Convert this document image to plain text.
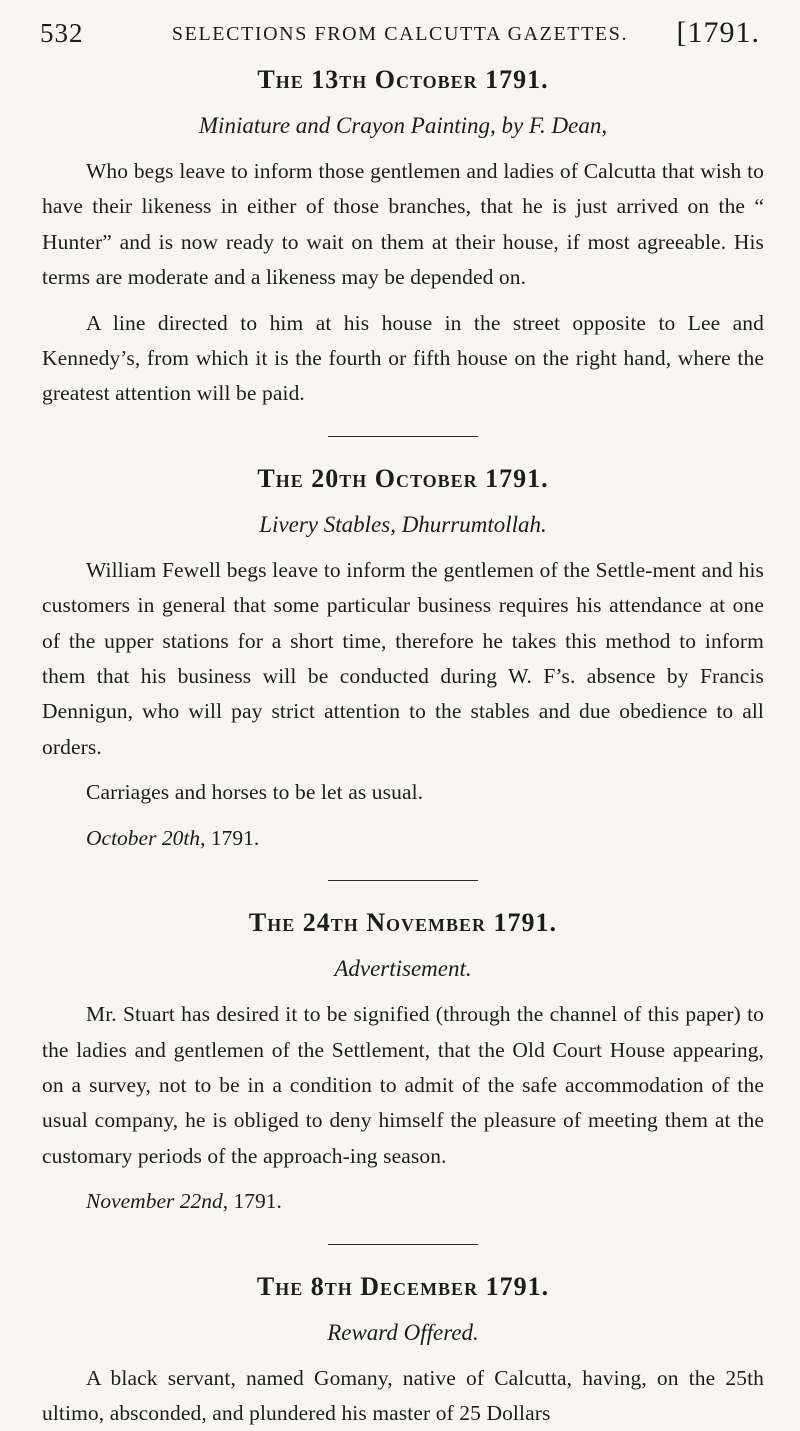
532	SELECTIONS FROM CALCUTTA GAZETTES.	[1791.
The 13th October 1791.

Miniature and Crayon Painting, by F. Dean,

Who begs leave to inform those gentlemen and ladies of Calcutta that wish to have their likeness in either of those branches, that he is just arrived on the “ Hunter” and is now ready to wait on them at their house, if most agreeable. His terms are moderate and a likeness may be depended on.

A line directed to him at his house in the street opposite to Lee and Kennedy’s, from which it is the fourth or fifth house on the right hand, where the greatest attention will be paid.

The 20th October 1791.

Livery Stables, Dhurrumtollah.

William Fewell begs leave to inform the gentlemen of the Settle-ment and his customers in general that some particular business requires his attendance at one of the upper stations for a short time, therefore he takes this method to inform them that his business will be conducted during W. F’s. absence by Francis Dennigun, who will pay strict attention to the stables and due obedience to all orders.

Carriages and horses to be let as usual.

October 20th, 1791.

The 24th November 1791.

Advertisement.

Mr. Stuart has desired it to be signified (through the channel of this paper) to the ladies and gentlemen of the Settlement, that the Old Court House appearing, on a survey, not to be in a condition to admit of the safe accommodation of the usual company, he is obliged to deny himself the pleasure of meeting them at the customary periods of the approach-ing season.

November 22nd, 1791.

The 8th December 1791.

Reward Offered.

A black servant, named Gomany, native of Calcutta, having, on the 25th ultimo, absconded, and plundered his master of 25 Dollars
